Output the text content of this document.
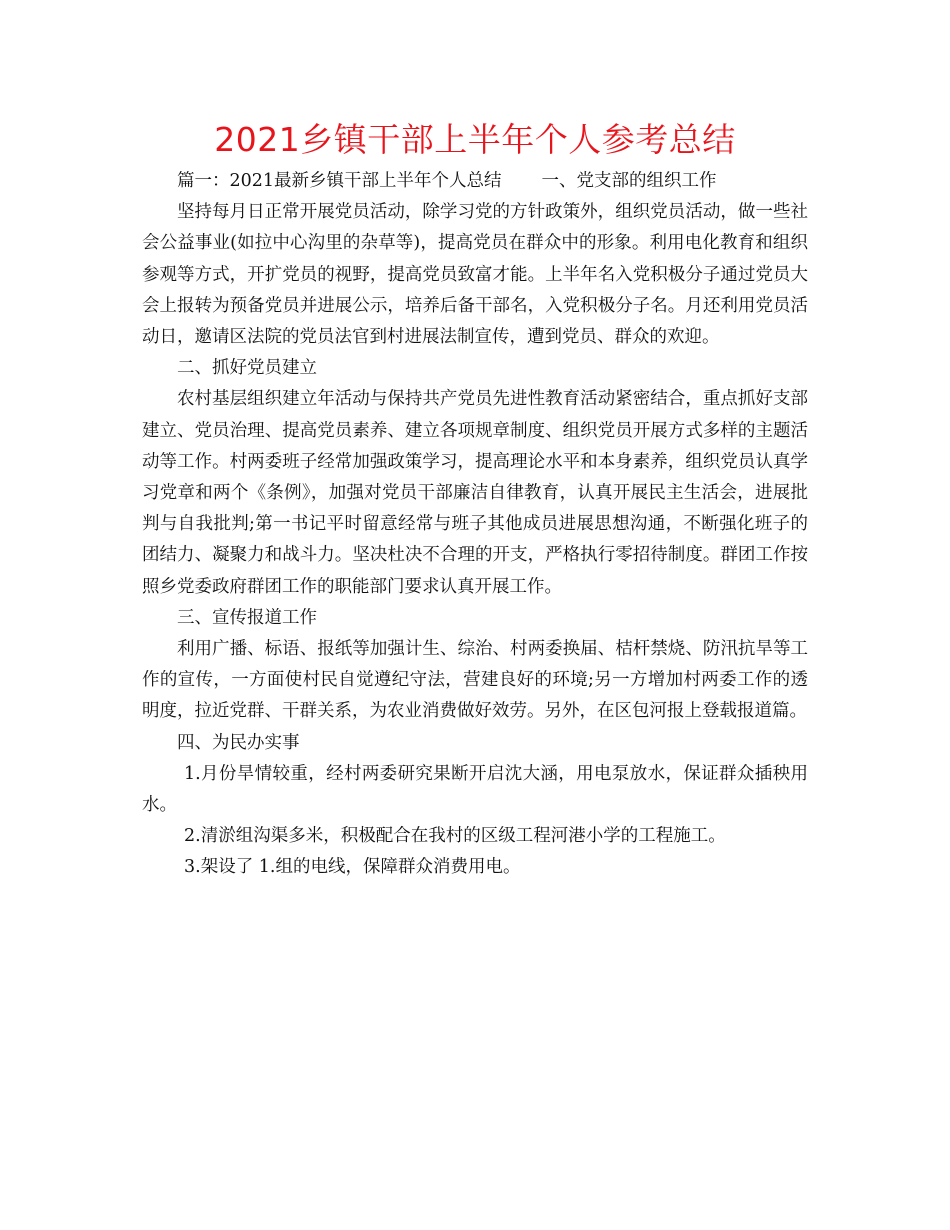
2021乡镇干部上半年个人参考总结

篇一：2021最新乡镇干部上半年个人总结 一、党支部的组织工作

坚持每月日正常开展党员活动，除学习党的方针政策外，组织党员活动，做一些社会公益事业(如拉中心沟里的杂草等)，提高党员在群众中的形象。利用电化教育和组织参观等方式，开扩党员的视野，提高党员致富才能。上半年名入党积极分子通过党员大会上报转为预备党员并进展公示，培养后备干部名，入党积极分子名。月还利用党员活动日，邀请区法院的党员法官到村进展法制宣传，遭到党员、群众的欢迎。

二、抓好党员建立

农村基层组织建立年活动与保持共产党员先进性教育活动紧密结合，重点抓好支部建立、党员治理、提高党员素养、建立各项规章制度、组织党员开展方式多样的主题活动等工作。村两委班子经常加强政策学习，提高理论水平和本身素养，组织党员认真学习党章和两个《条例》，加强对党员干部廉洁自律教育，认真开展民主生活会，进展批判与自我批判;第一书记平时留意经常与班子其他成员进展思想沟通，不断强化班子的团结力、凝聚力和战斗力。坚决杜决不合理的开支，严格执行零招待制度。群团工作按照乡党委政府群团工作的职能部门要求认真开展工作。

三、宣传报道工作

利用广播、标语、报纸等加强计生、综治、村两委换届、桔杆禁烧、防汛抗旱等工作的宣传，一方面使村民自觉遵纪守法，营建良好的环境;另一方增加村两委工作的透明度，拉近党群、干群关系，为农业消费做好效劳。另外，在区包河报上登载报道篇。

四、为民办实事

1.月份旱情较重，经村两委研究果断开启沈大涵，用电泵放水，保证群众插秧用水。

2.清淤组沟渠多米，积极配合在我村的区级工程河港小学的工程施工。

3.架设了 1.组的电线，保障群众消费用电。
